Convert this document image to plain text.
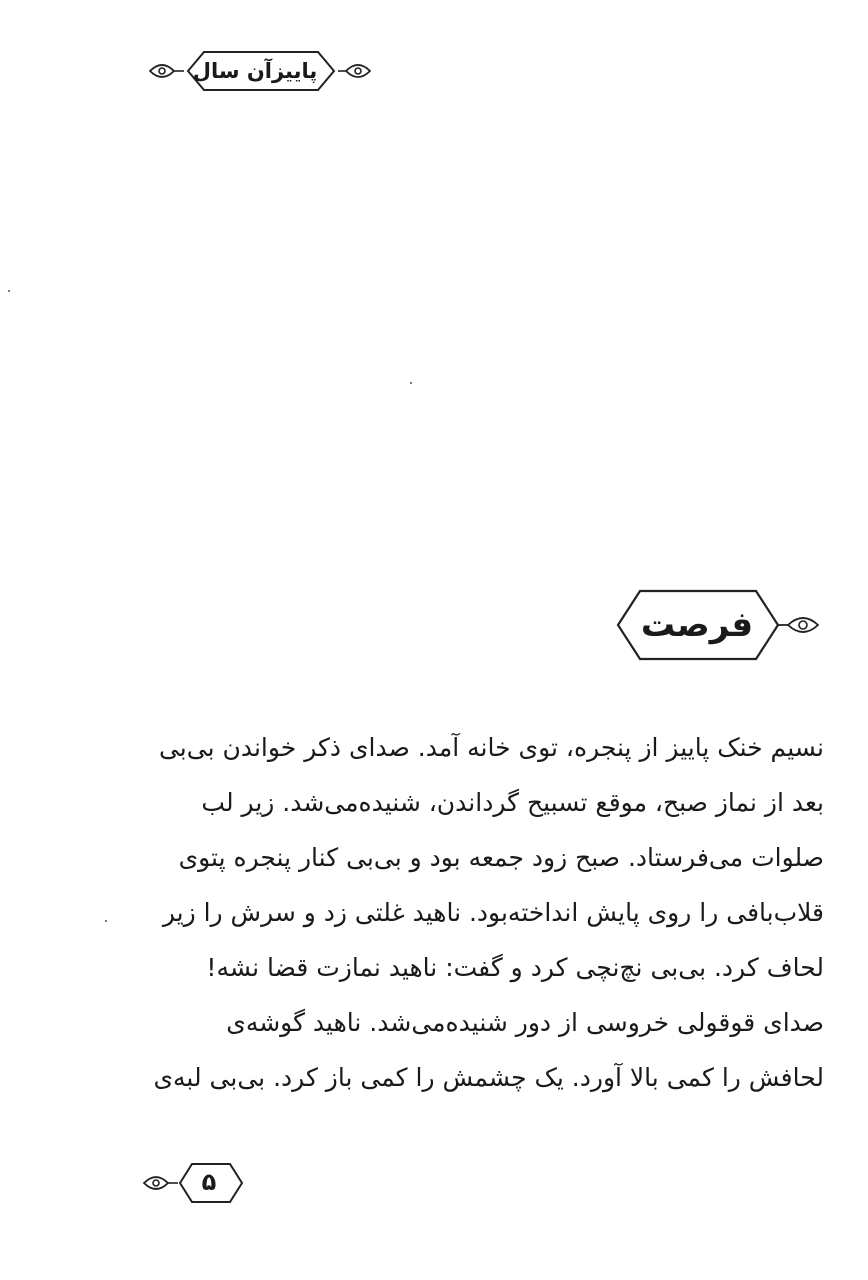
پاییزآن سال
فرصت
نسیم خنک پاییز از پنجره، توی خانه آمد. صدای ذکر خواندن بی‌بی
بعد از نماز صبح، موقع تسبیح گرداندن، شنیده‌می‌شد. زیر لب
صلوات می‌فرستاد. صبح زود جمعه بود و بی‌بی کنار پنجره پتوی
قلاب‌بافی را روی پایش انداخته‌بود. ناهید غلتی زد و سرش را زیر
لحاف کرد. بی‌بی نچ‌نچی کرد و گفت: ناهید نمازت قضا نشه!
صدای قوقولی خروسی از دور شنیده‌می‌شد. ناهید گوشه‌ی
لحافش را کمی بالا آورد. یک چشمش را کمی باز کرد. بی‌بی لبه‌ی
۵
